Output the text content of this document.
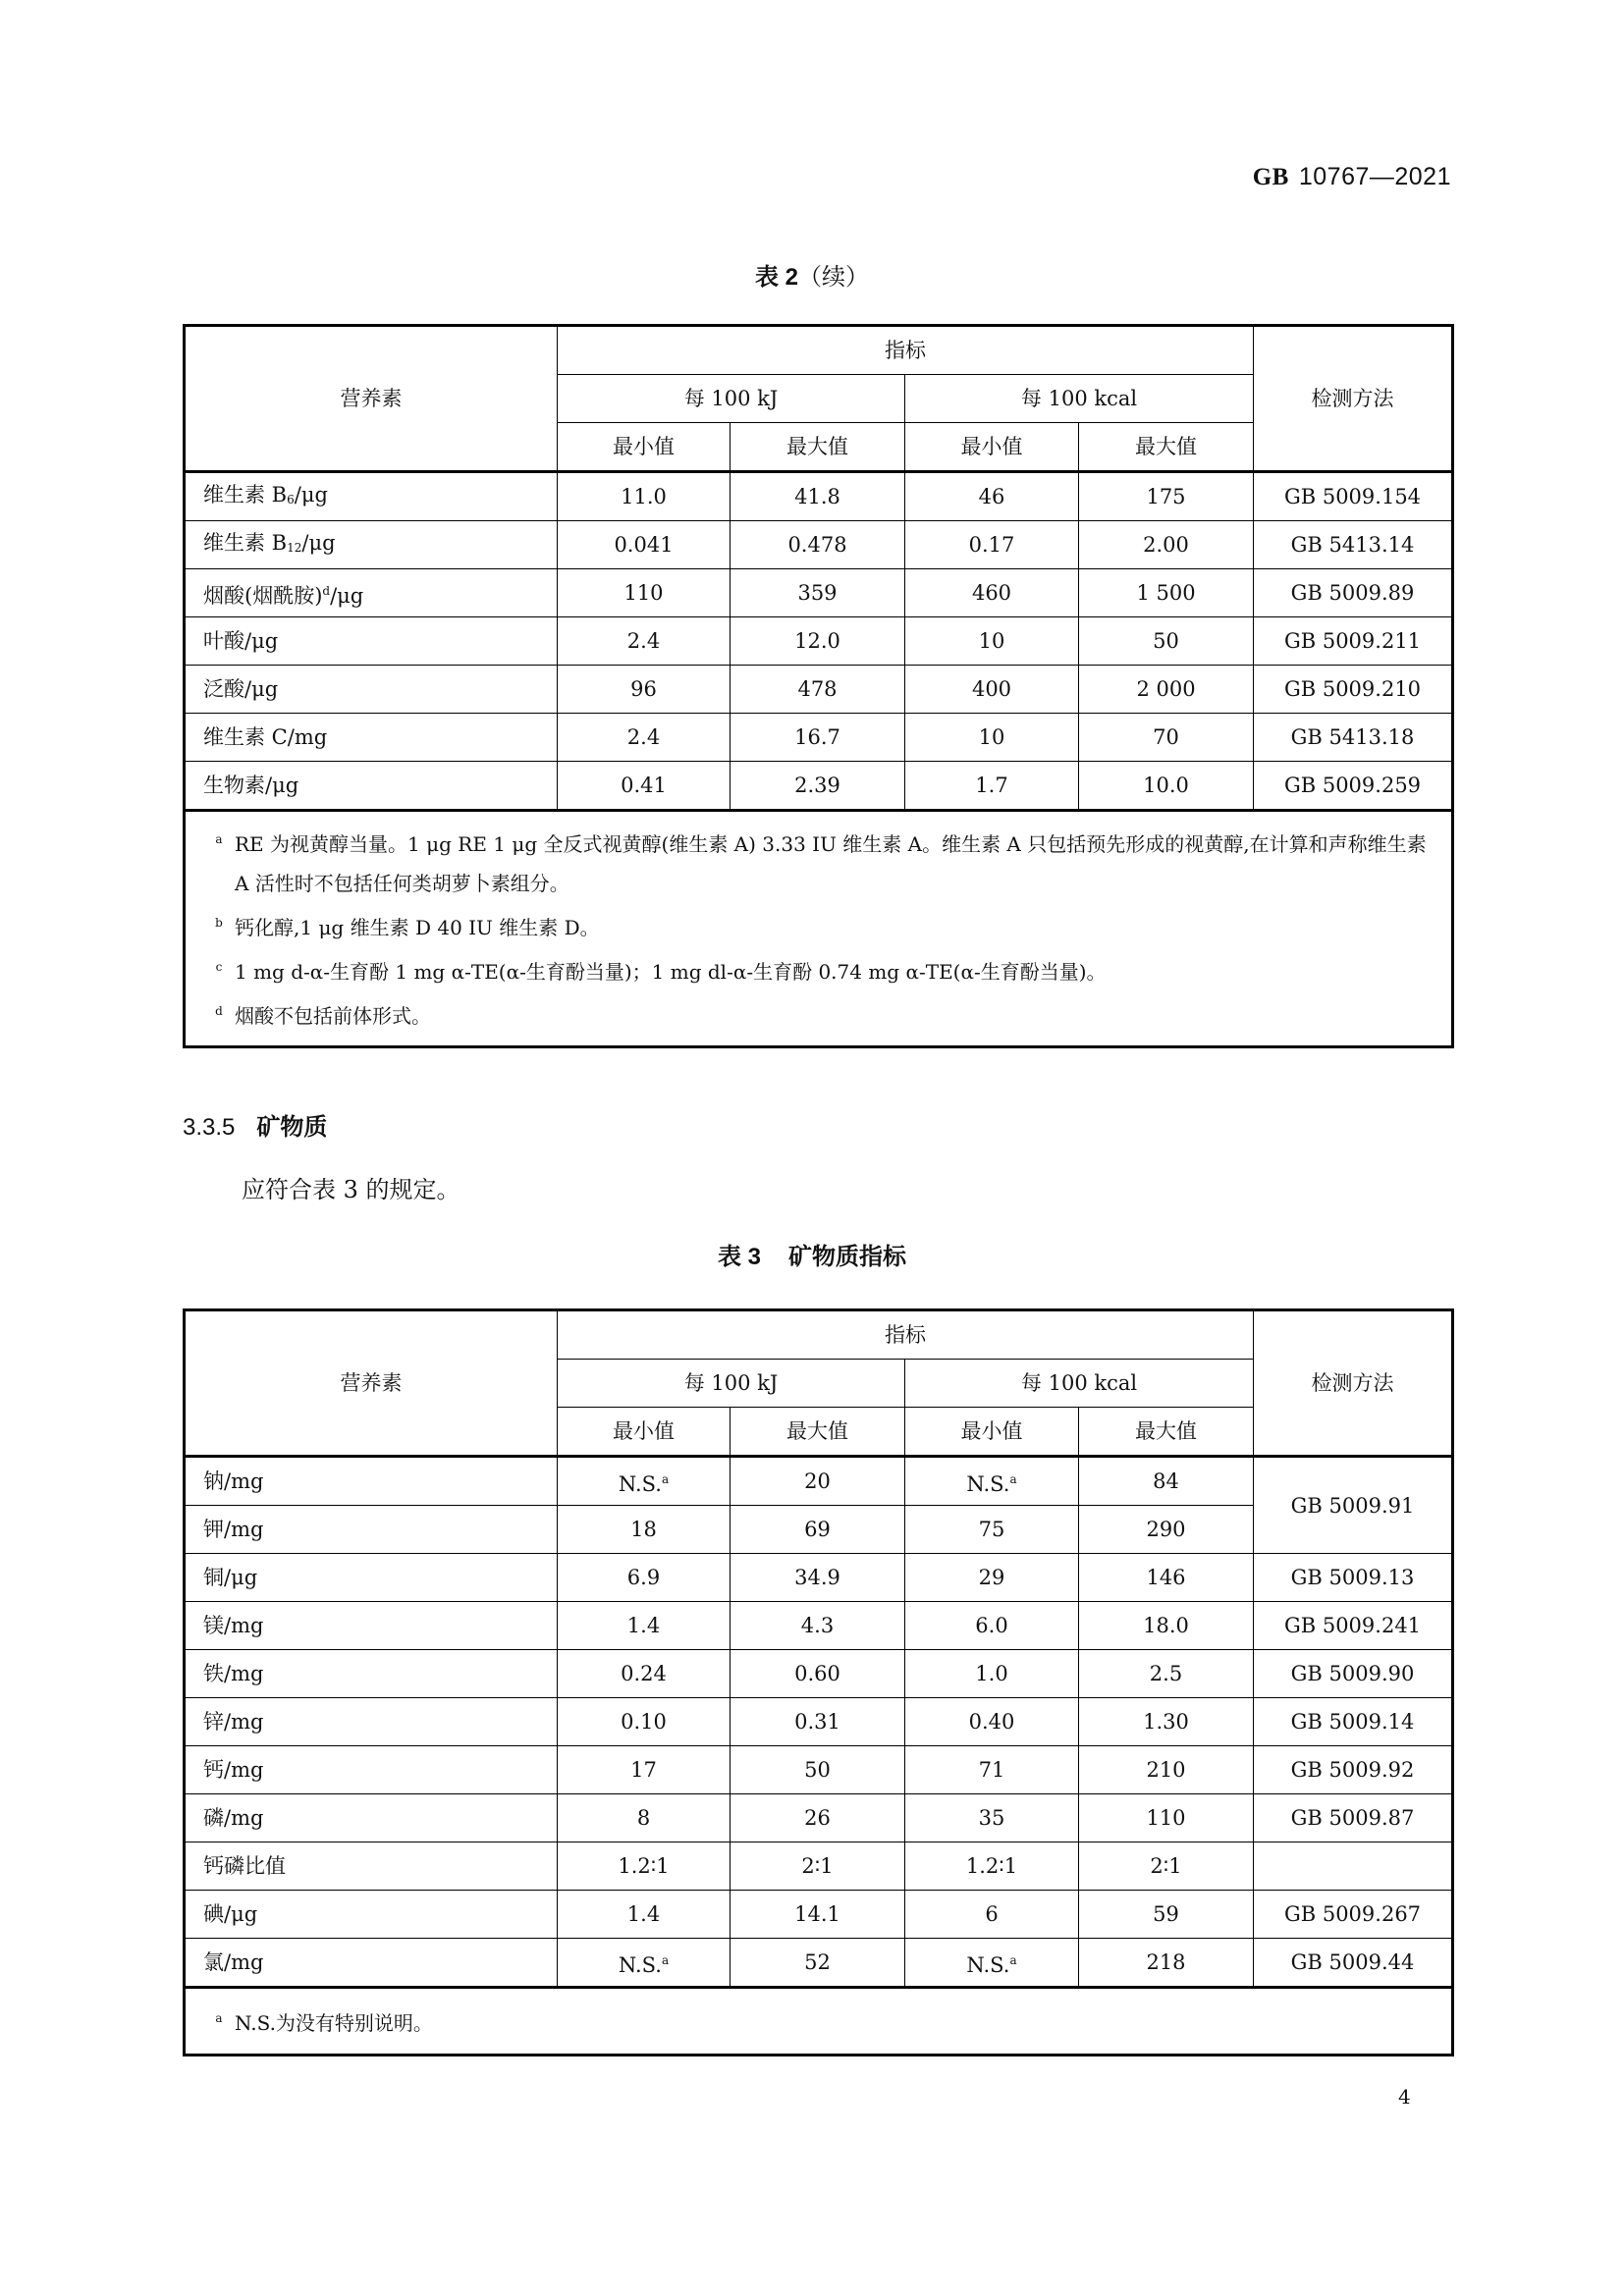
GB 10767—2021
表 2（续）
营养素	指标				检测方法
	每 100 kJ		每 100 kcal		
	最小值	最大值	最小值	最大值	
维生素 $B_6/\mu g$	11.0	41.8	46	175	GB 5009.154
维生素 $B_{12}/\mu g$	0.041	0.478	0.17	2.00	GB 5413.14
烟酸(烟酰胺)$^d$/μg	110	359	460	1 500	GB 5009.89
叶酸/μg	2.4	12.0	10	50	GB 5009.211
泛酸/μg	96	478	400	2 000	GB 5009.210
维生素 C/mg	2.4	16.7	10	70	GB 5413.18
生物素/μg	0.41	2.39	1.7	10.0	GB 5009.259

a RE 为视黄醇当量。1 μg RE 1 μg 全反式视黄醇(维生素 A) 3.33 IU 维生素 A。维生素 A 只包括预先形成的视黄醇,在计算和声称维生素 A 活性时不包括任何类胡萝卜素组分。
b 钙化醇,1 μg 维生素 D 40 IU 维生素 D。
c 1 mg d-α-生育酚 1 mg α-TE(α-生育酚当量)；1 mg dl-α-生育酚 0.74 mg α-TE(α-生育酚当量)。
d 烟酸不包括前体形式。					
3.3.5 矿物质
应符合表 3 的规定。
表 3 矿物质指标
营养素	指标				检测方法
	每 100 kJ		每 100 kcal		
	最小值	最大值	最小值	最大值	
钠/mg	N.S.$^a$	20	N.S.$^a$	84	GB 5009.91
钾/mg	18	69	75	290	
铜/μg	6.9	34.9	29	146	GB 5009.13
镁/mg	1.4	4.3	6.0	18.0	GB 5009.241
铁/mg	0.24	0.60	1.0	2.5	GB 5009.90
锌/mg	0.10	0.31	0.40	1.30	GB 5009.14
钙/mg	17	50	71	210	GB 5009.92
磷/mg	8	26	35	110	GB 5009.87
钙磷比值	1.2∶1	2∶1	1.2∶1	2∶1	
碘/μg	1.4	14.1	6	59	GB 5009.267
氯/mg	N.S.$^a$	52	N.S.$^a$	218	GB 5009.44

a N.S.为没有特别说明。					
4
